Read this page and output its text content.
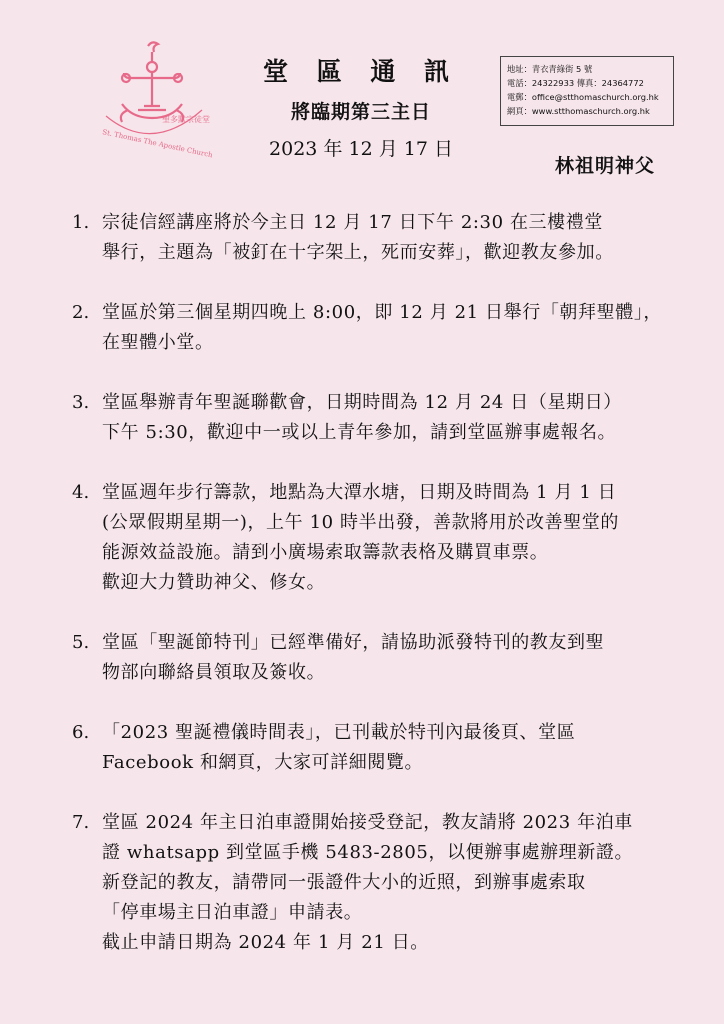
聖多默宗徒堂
St. Thomas The Apostle Church
堂 區 通 訊
將臨期第三主日
2023 年 12 月 17 日
地址：青衣青綠街 5 號
電話：24322933 傳真：24364772
電郵：office@stthomaschurch.org.hk
網頁：www.stthomaschurch.org.hk
林祖明神父
1. 宗徒信經講座將於今主日 12 月 17 日下午 2:30 在三樓禮堂
舉行，主題為「被釘在十字架上，死而安葬」，歡迎教友參加。
2. 堂區於第三個星期四晚上 8:00，即 12 月 21 日舉行「朝拜聖體」，
在聖體小堂。
3. 堂區舉辦青年聖誕聯歡會，日期時間為 12 月 24 日（星期日）
下午 5:30，歡迎中一或以上青年參加，請到堂區辦事處報名。
4. 堂區週年步行籌款，地點為大潭水塘，日期及時間為 1 月 1 日
(公眾假期星期一)，上午 10 時半出發，善款將用於改善聖堂的
能源效益設施。請到小廣場索取籌款表格及購買車票。
歡迎大力贊助神父、修女。
5. 堂區「聖誕節特刊」已經準備好，請協助派發特刊的教友到聖
物部向聯絡員領取及簽收。
6. 「2023 聖誕禮儀時間表」，已刊載於特刊內最後頁、堂區
Facebook 和網頁，大家可詳細閱覽。
7. 堂區 2024 年主日泊車證開始接受登記，教友請將 2023 年泊車
證 whatsapp 到堂區手機 5483-2805，以便辦事處辦理新證。
新登記的教友，請帶同一張證件大小的近照，到辦事處索取
「停車場主日泊車證」申請表。
截止申請日期為 2024 年 1 月 21 日。
